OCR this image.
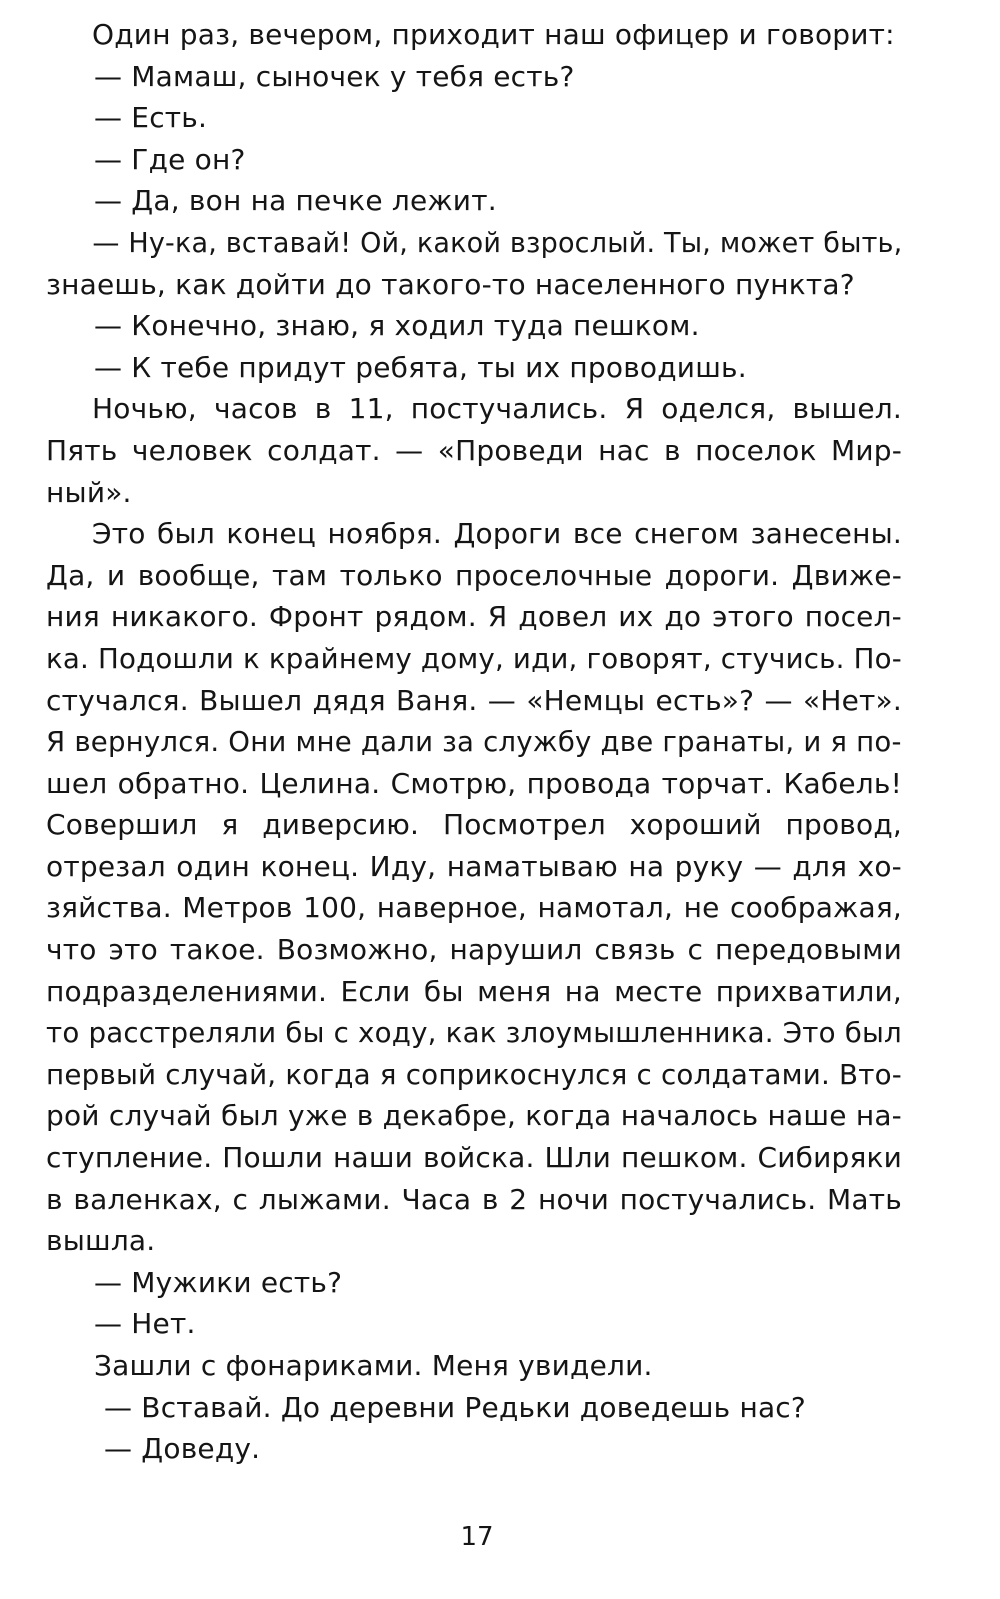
Один раз, вечером, приходит наш офицер и говорит:
— Мамаш, сыночек у тебя есть?
— Есть.
— Где он?
— Да, вон на печке лежит.
— Ну-ка, вставай! Ой, какой взрослый. Ты, может быть,
знаешь, как дойти до такого-то населенного пункта?
— Конечно, знаю, я ходил туда пешком.
— К тебе придут ребята, ты их проводишь.
Ночью, часов в 11, постучались. Я оделся, вышел.
Пять человек солдат. — «Проведи нас в поселок Мир-
ный».
Это был конец ноября. Дороги все снегом занесены.
Да, и вообще, там только проселочные дороги. Движе-
ния никакого. Фронт рядом. Я довел их до этого посел-
ка. Подошли к крайнему дому, иди, говорят, стучись. По-
стучался. Вышел дядя Ваня. — «Немцы есть»? — «Нет».
Я вернулся. Они мне дали за службу две гранаты, и я по-
шел обратно. Целина. Смотрю, провода торчат. Кабель!
Совершил я диверсию. Посмотрел хороший провод,
отрезал один конец. Иду, наматываю на руку — для хо-
зяйства. Метров 100, наверное, намотал, не соображая,
что это такое. Возможно, нарушил связь с передовыми
подразделениями. Если бы меня на месте прихватили,
то расстреляли бы с ходу, как злоумышленника. Это был
первый случай, когда я соприкоснулся с солдатами. Вто-
рой случай был уже в декабре, когда началось наше на-
ступление. Пошли наши войска. Шли пешком. Сибиряки
в валенках, с лыжами. Часа в 2 ночи постучались. Мать
вышла.
— Мужики есть?
— Нет.
Зашли с фонариками. Меня увидели.
— Вставай. До деревни Редьки доведешь нас?
— Доведу.
17
